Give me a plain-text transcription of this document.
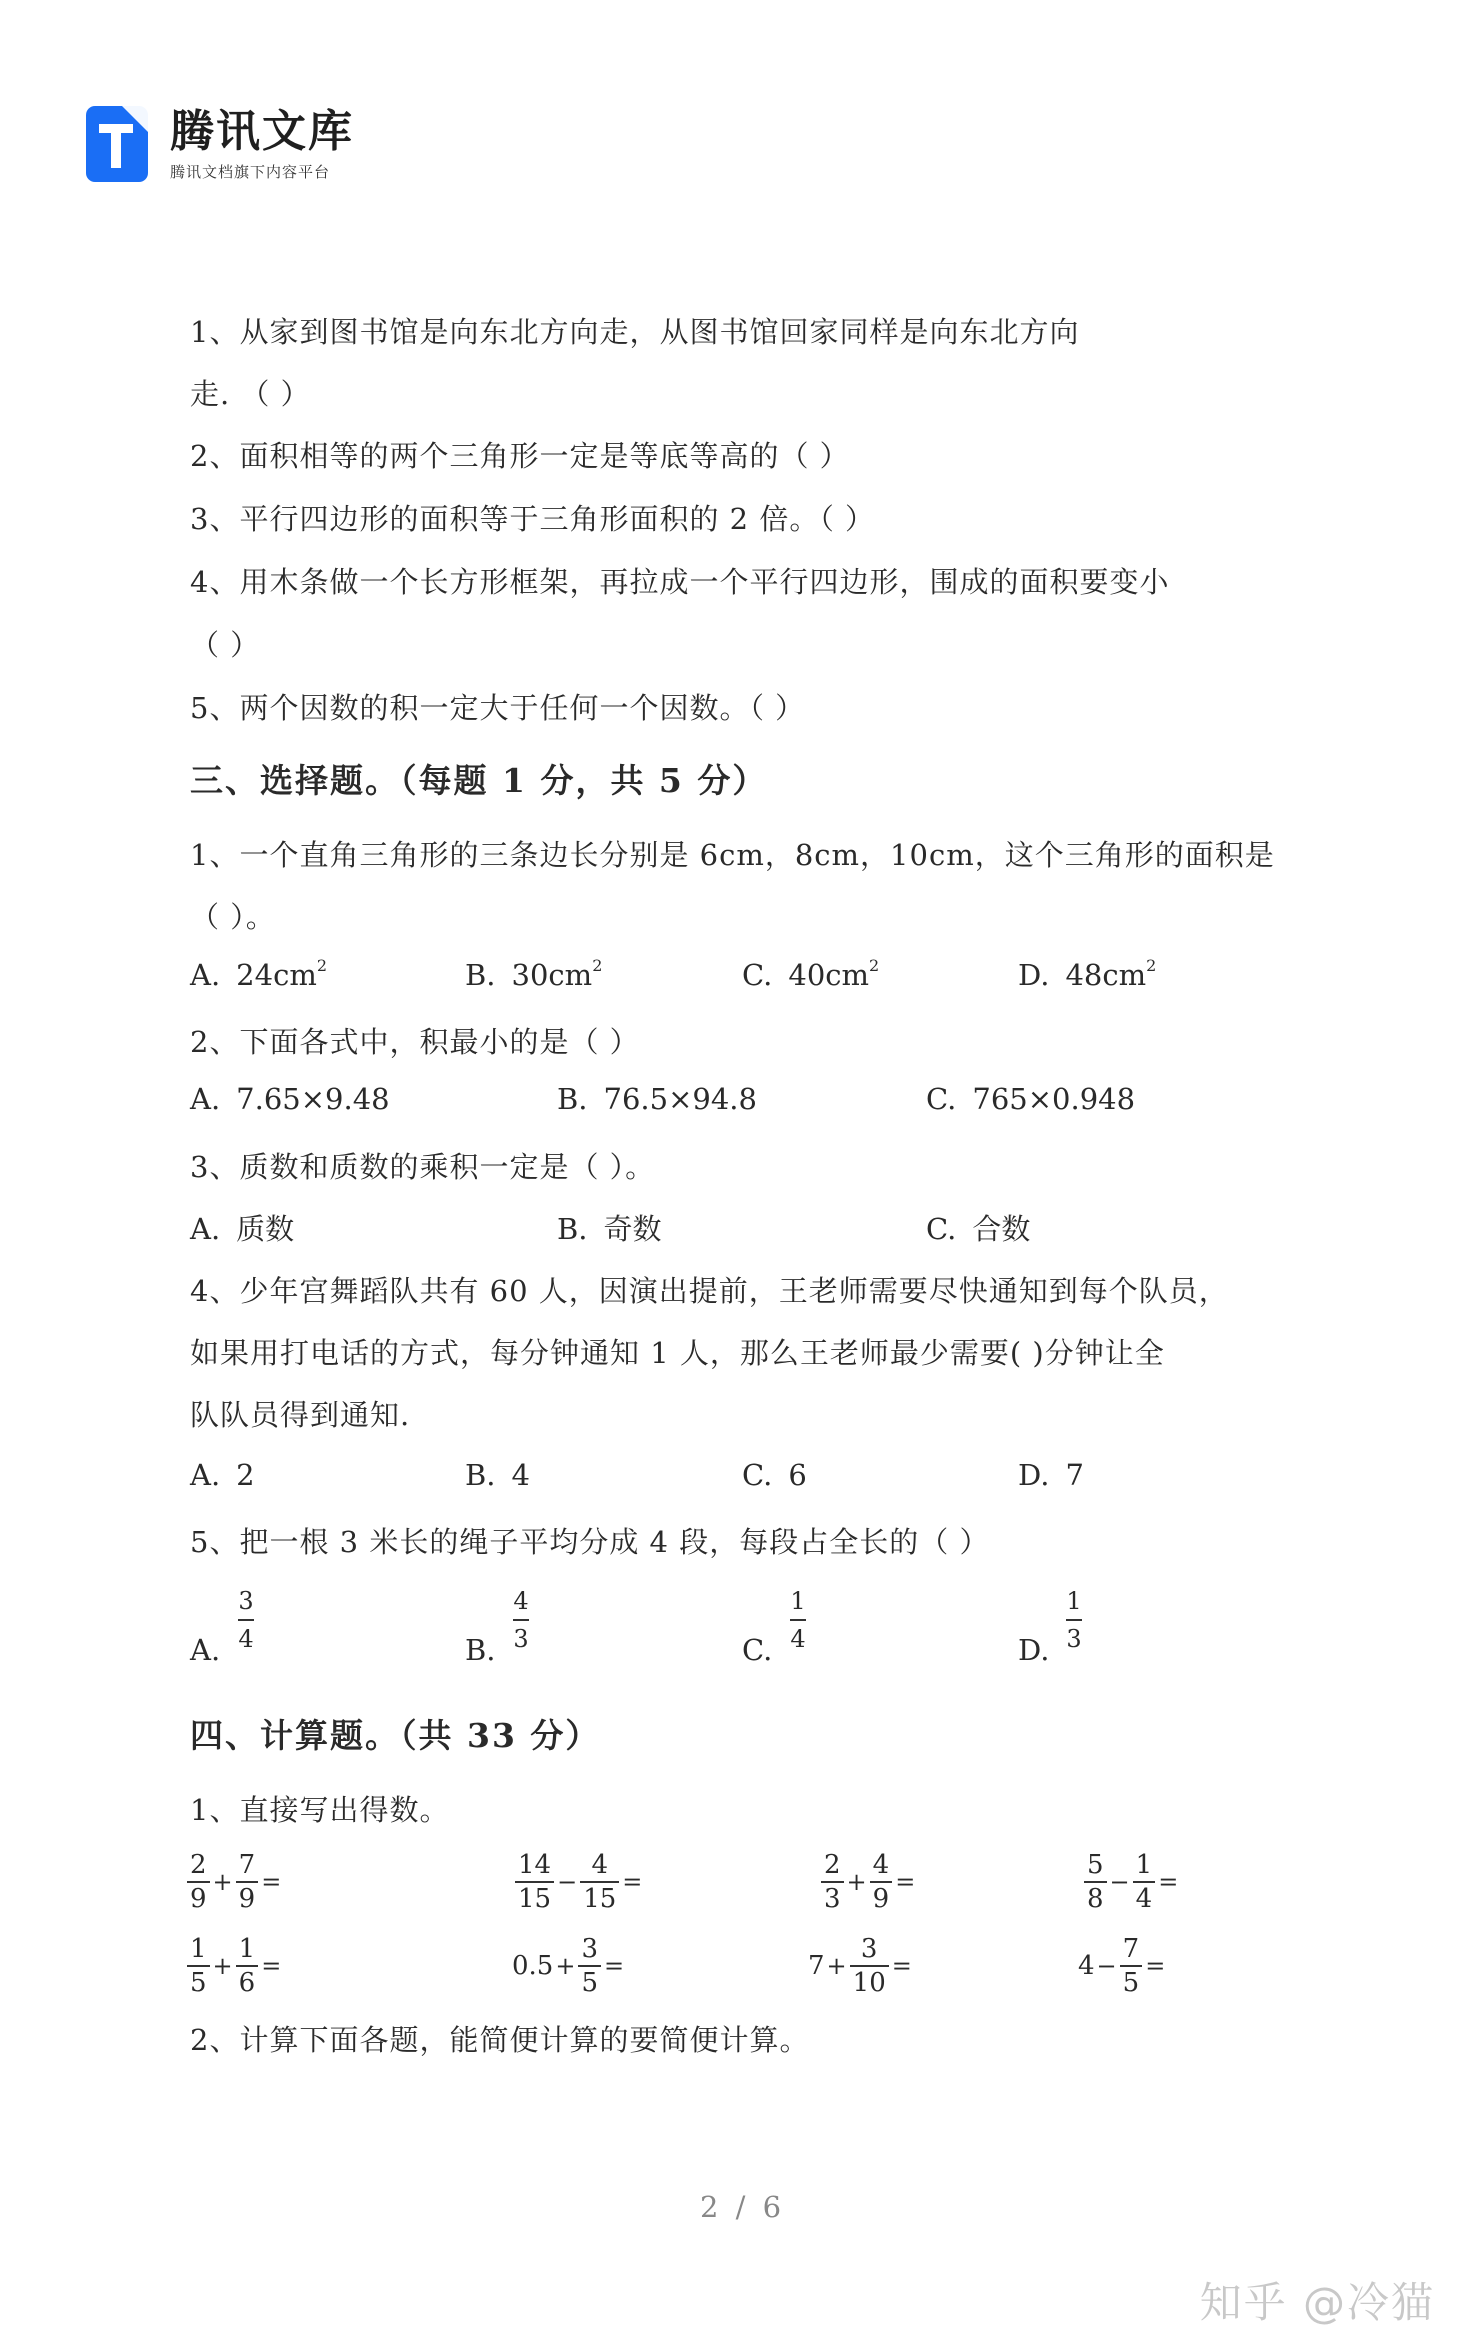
腾讯文库
腾讯文档旗下内容平台
1、从家到图书馆是向东北方向走，从图书馆回家同样是向东北方向
走. （ ）
2、面积相等的两个三角形一定是等底等高的（ ）
3、平行四边形的面积等于三角形面积的 2 倍。（ ）
4、用木条做一个长方形框架，再拉成一个平行四边形，围成的面积要变小
（ ）
5、两个因数的积一定大于任何一个因数。（ ）
三、选择题。（每题 1 分，共 5 分）
1、一个直角三角形的三条边长分别是 6cm，8cm，10cm，这个三角形的面积是
（ ）。
A. $24cm^2$	B. $30cm^2$	C. $40cm^2$	D. $48cm^2$
2、下面各式中，积最小的是（ ）
A. 7.65×9.48	B. 76.5×94.8	C. 765×0.948
3、质数和质数的乘积一定是（ ）。
A. 质数	B. 奇数	C. 合数
4、少年宫舞蹈队共有 60 人，因演出提前，王老师需要尽快通知到每个队员，
如果用打电话的方式，每分钟通知 1 人，那么王老师最少需要( )分钟让全
队队员得到通知.
A. 2	B. 4	C. 6	D. 7
5、把一根 3 米长的绳子平均分成 4 段，每段占全长的（ ）
A.
3
4	B.
4
3	C.
1
4	D.
1
3
四、计算题。（共 33 分）
1、直接写出得数。
$\frac{2}{9} + \frac{7}{9}$ =	$\frac{14}{15} - \frac{4}{15}$ =	$\frac{2}{3} + \frac{4}{9}$ =	$\frac{5}{8} - \frac{1}{4}$ =
$\frac{1}{5} + \frac{1}{6}$ =	$0.5 + \frac{3}{5}$ =	$7 + \frac{3}{10}$ =	$4 - \frac{7}{5}$ =
2、计算下面各题，能简便计算的要简便计算。
2 / 6
知乎 @冷猫
